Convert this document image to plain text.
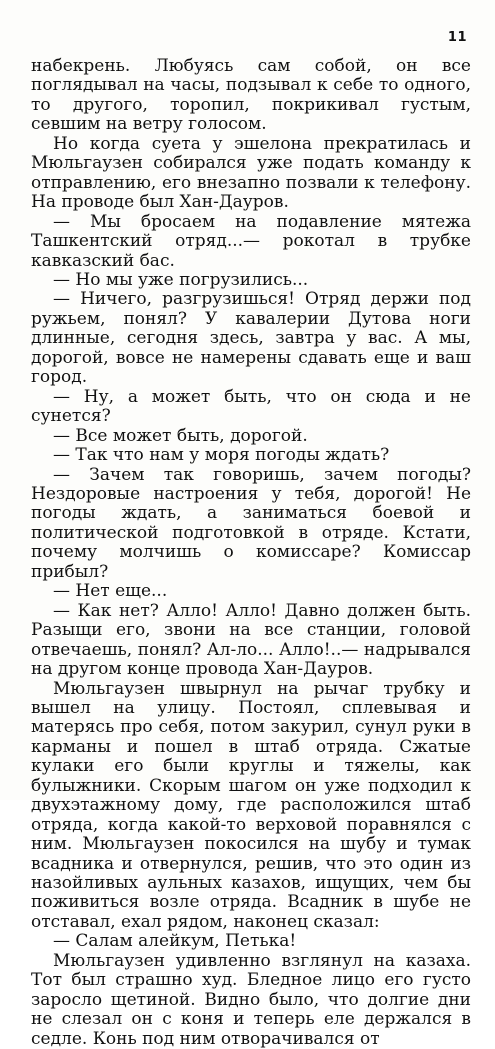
11

набекрень. Любуясь сам собой, он все поглядывал на часы, подзывал к себе то одного, то другого, торопил, покрикивал густым, севшим на ветру голосом.

Но когда суета у эшелона прекратилась и Мюльгаузен собирался уже подать команду к отправлению, его внезапно позвали к телефону. На проводе был Хан-Дауров.

— Мы бросаем на подавление мятежа Ташкентский отряд...— рокотал в трубке кавказский бас.

— Но мы уже погрузились...

— Ничего, разгрузишься! Отряд держи под ружьем, понял? У кавалерии Дутова ноги длинные, сегодня здесь, завтра у вас. А мы, дорогой, вовсе не намерены сдавать еще и ваш город.

— Ну, а может быть, что он сюда и не сунется?

— Все может быть, дорогой.

— Так что нам у моря погоды ждать?

— Зачем так говоришь, зачем погоды? Нездоровые настроения у тебя, дорогой! Не погоды ждать, а заниматься боевой и политической подготовкой в отряде. Кстати, почему молчишь о комиссаре? Комиссар прибыл?

— Нет еще...

— Как нет? Алло! Алло! Давно должен быть. Разыщи его, звони на все станции, головой отвечаешь, понял? Ал-ло... Алло!..— надрывался на другом конце провода Хан-Дауров.

Мюльгаузен швырнул на рычаг трубку и вышел на улицу. Постоял, сплевывая и матерясь про себя, потом закурил, сунул руки в карманы и пошел в штаб отряда. Сжатые кулаки его были круглы и тяжелы, как булыжники. Скорым шагом он уже подходил к двухэтажному дому, где расположился штаб отряда, когда какой-то верховой поравнялся с ним. Мюльгаузен покосился на шубу и тумак всадника и отвернулся, решив, что это один из назойливых аульных казахов, ищущих, чем бы поживиться возле отряда. Всадник в шубе не отставал, ехал рядом, наконец сказал:

— Салам алейкум, Петька!

Мюльгаузен удивленно взглянул на казаха. Тот был страшно худ. Бледное лицо его густо заросло щетиной. Видно было, что долгие дни не слезал он с коня и теперь еле держался в седле. Конь под ним отворачивался от
